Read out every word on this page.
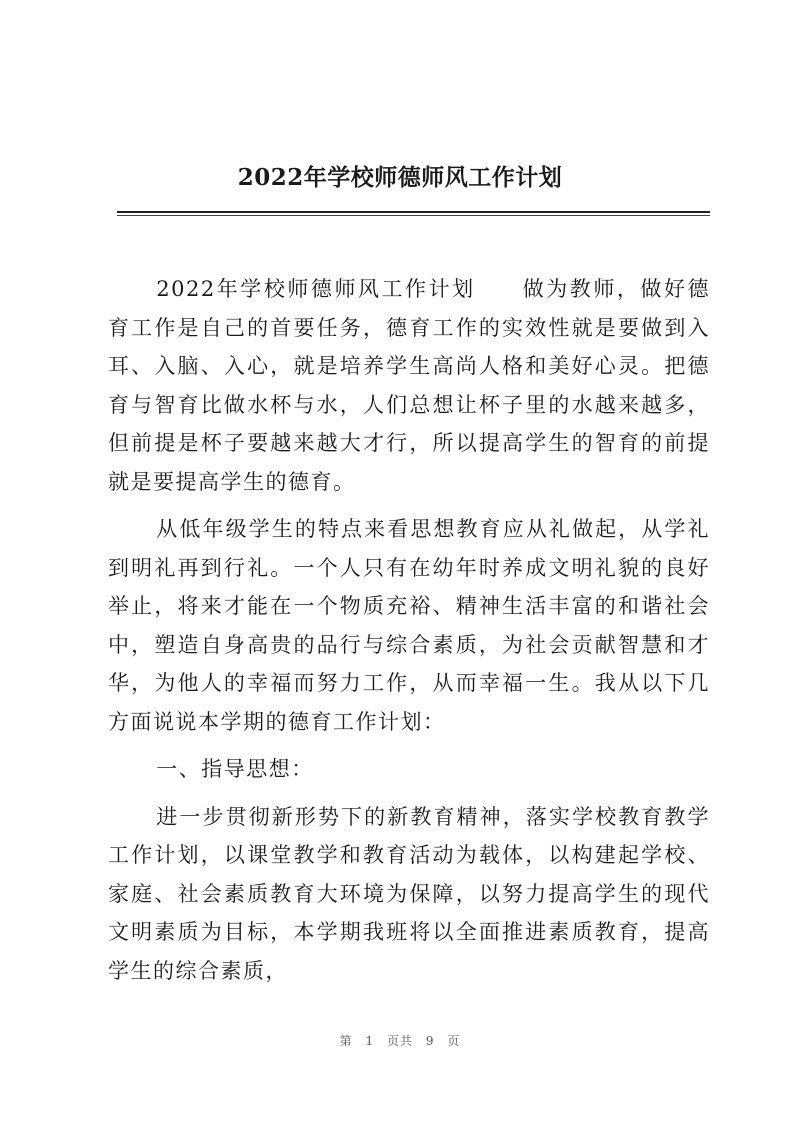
2022年学校师德师风工作计划

2022年学校师德师风工作计划　　做为教师，做好德育工作是自己的首要任务，德育工作的实效性就是要做到入耳、入脑、入心，就是培养学生高尚人格和美好心灵。把德育与智育比做水杯与水，人们总想让杯子里的水越来越多，但前提是杯子要越来越大才行，所以提高学生的智育的前提就是要提高学生的德育。

从低年级学生的特点来看思想教育应从礼做起，从学礼到明礼再到行礼。一个人只有在幼年时养成文明礼貌的良好举止，将来才能在一个物质充裕、精神生活丰富的和谐社会中，塑造自身高贵的品行与综合素质，为社会贡献智慧和才华，为他人的幸福而努力工作，从而幸福一生。我从以下几方面说说本学期的德育工作计划：

一、指导思想：

进一步贯彻新形势下的新教育精神，落实学校教育教学工作计划，以课堂教学和教育活动为载体，以构建起学校、家庭、社会素质教育大环境为保障，以努力提高学生的现代文明素质为目标，本学期我班将以全面推进素质教育，提高学生的综合素质，

第 1 页共 9 页
